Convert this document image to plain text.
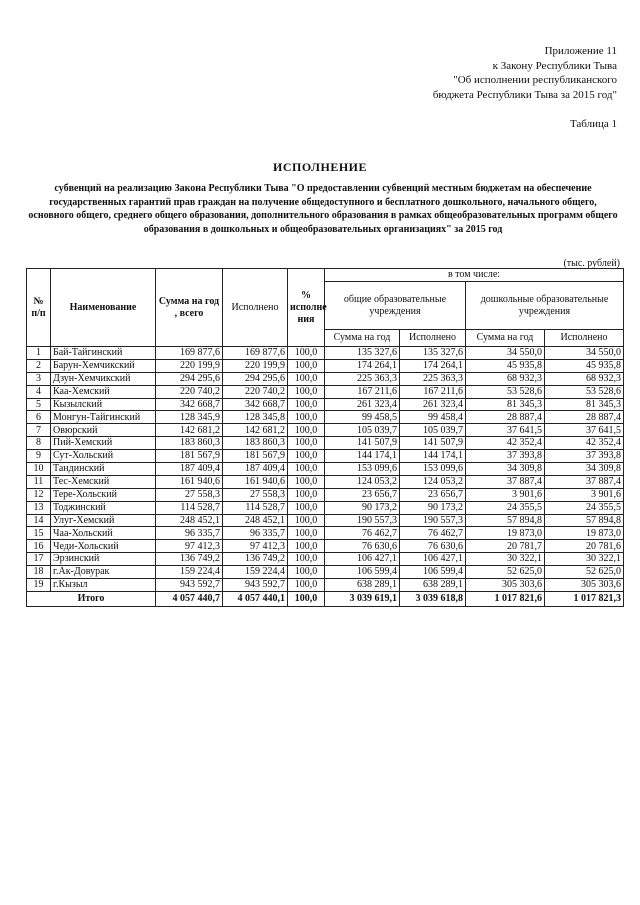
Приложение 11
к Закону Республики Тыва
"Об исполнении республиканского
бюджета Республики Тыва за 2015 год"
Таблица 1
ИСПОЛНЕНИЕ
субвенций на реализацию Закона Республики Тыва "О предоставлении субвенций местным бюджетам на обеспечение государственных гарантий прав граждан на получение общедоступного и бесплатного дошкольного, начального общего, основного общего, среднего общего образования, дополнительного образования в рамках общеобразовательных программ общего образования в дошкольных и общеобразовательных организациях" за 2015 год
(тыс. рублей)
№ п/п	Наименование	Сумма на год , всего	Исполнено	% исполне ния	в том числе:			
					общие образовательные учреждения		дошкольные образовательные учреждения	
					Сумма на год	Исполнено	Сумма на год	Исполнено
1	Бай-Тайгинский	169 877,6	169 877,6	100,0	135 327,6	135 327,6	34 550,0	34 550,0
2	Барун-Хемчикский	220 199,9	220 199,9	100,0	174 264,1	174 264,1	45 935,8	45 935,8
3	Дзун-Хемчикский	294 295,6	294 295,6	100,0	225 363,3	225 363,3	68 932,3	68 932,3
4	Каа-Хемский	220 740,2	220 740,2	100,0	167 211,6	167 211,6	53 528,6	53 528,6
5	Кызылский	342 668,7	342 668,7	100,0	261 323,4	261 323,4	81 345,3	81 345,3
6	Монгун-Тайгинский	128 345,9	128 345,8	100,0	99 458,5	99 458,4	28 887,4	28 887,4
7	Овюрский	142 681,2	142 681,2	100,0	105 039,7	105 039,7	37 641,5	37 641,5
8	Пий-Хемский	183 860,3	183 860,3	100,0	141 507,9	141 507,9	42 352,4	42 352,4
9	Сут-Хольский	181 567,9	181 567,9	100,0	144 174,1	144 174,1	37 393,8	37 393,8
10	Тандинский	187 409,4	187 409,4	100,0	153 099,6	153 099,6	34 309,8	34 309,8
11	Тес-Хемский	161 940,6	161 940,6	100,0	124 053,2	124 053,2	37 887,4	37 887,4
12	Тере-Хольский	27 558,3	27 558,3	100,0	23 656,7	23 656,7	3 901,6	3 901,6
13	Тоджинский	114 528,7	114 528,7	100,0	90 173,2	90 173,2	24 355,5	24 355,5
14	Улуг-Хемский	248 452,1	248 452,1	100,0	190 557,3	190 557,3	57 894,8	57 894,8
15	Чаа-Хольский	96 335,7	96 335,7	100,0	76 462,7	76 462,7	19 873,0	19 873,0
16	Чеди-Хольский	97 412,3	97 412,3	100,0	76 630,6	76 630,6	20 781,7	20 781,6
17	Эрзинский	136 749,2	136 749,2	100,0	106 427,1	106 427,1	30 322,1	30 322,1
18	г.Ак-Довурак	159 224,4	159 224,4	100,0	106 599,4	106 599,4	52 625,0	52 625,0
19	г.Кызыл	943 592,7	943 592,7	100,0	638 289,1	638 289,1	305 303,6	305 303,6
Итого		4 057 440,7	4 057 440,1	100,0	3 039 619,1	3 039 618,8	1 017 821,6	1 017 821,3
